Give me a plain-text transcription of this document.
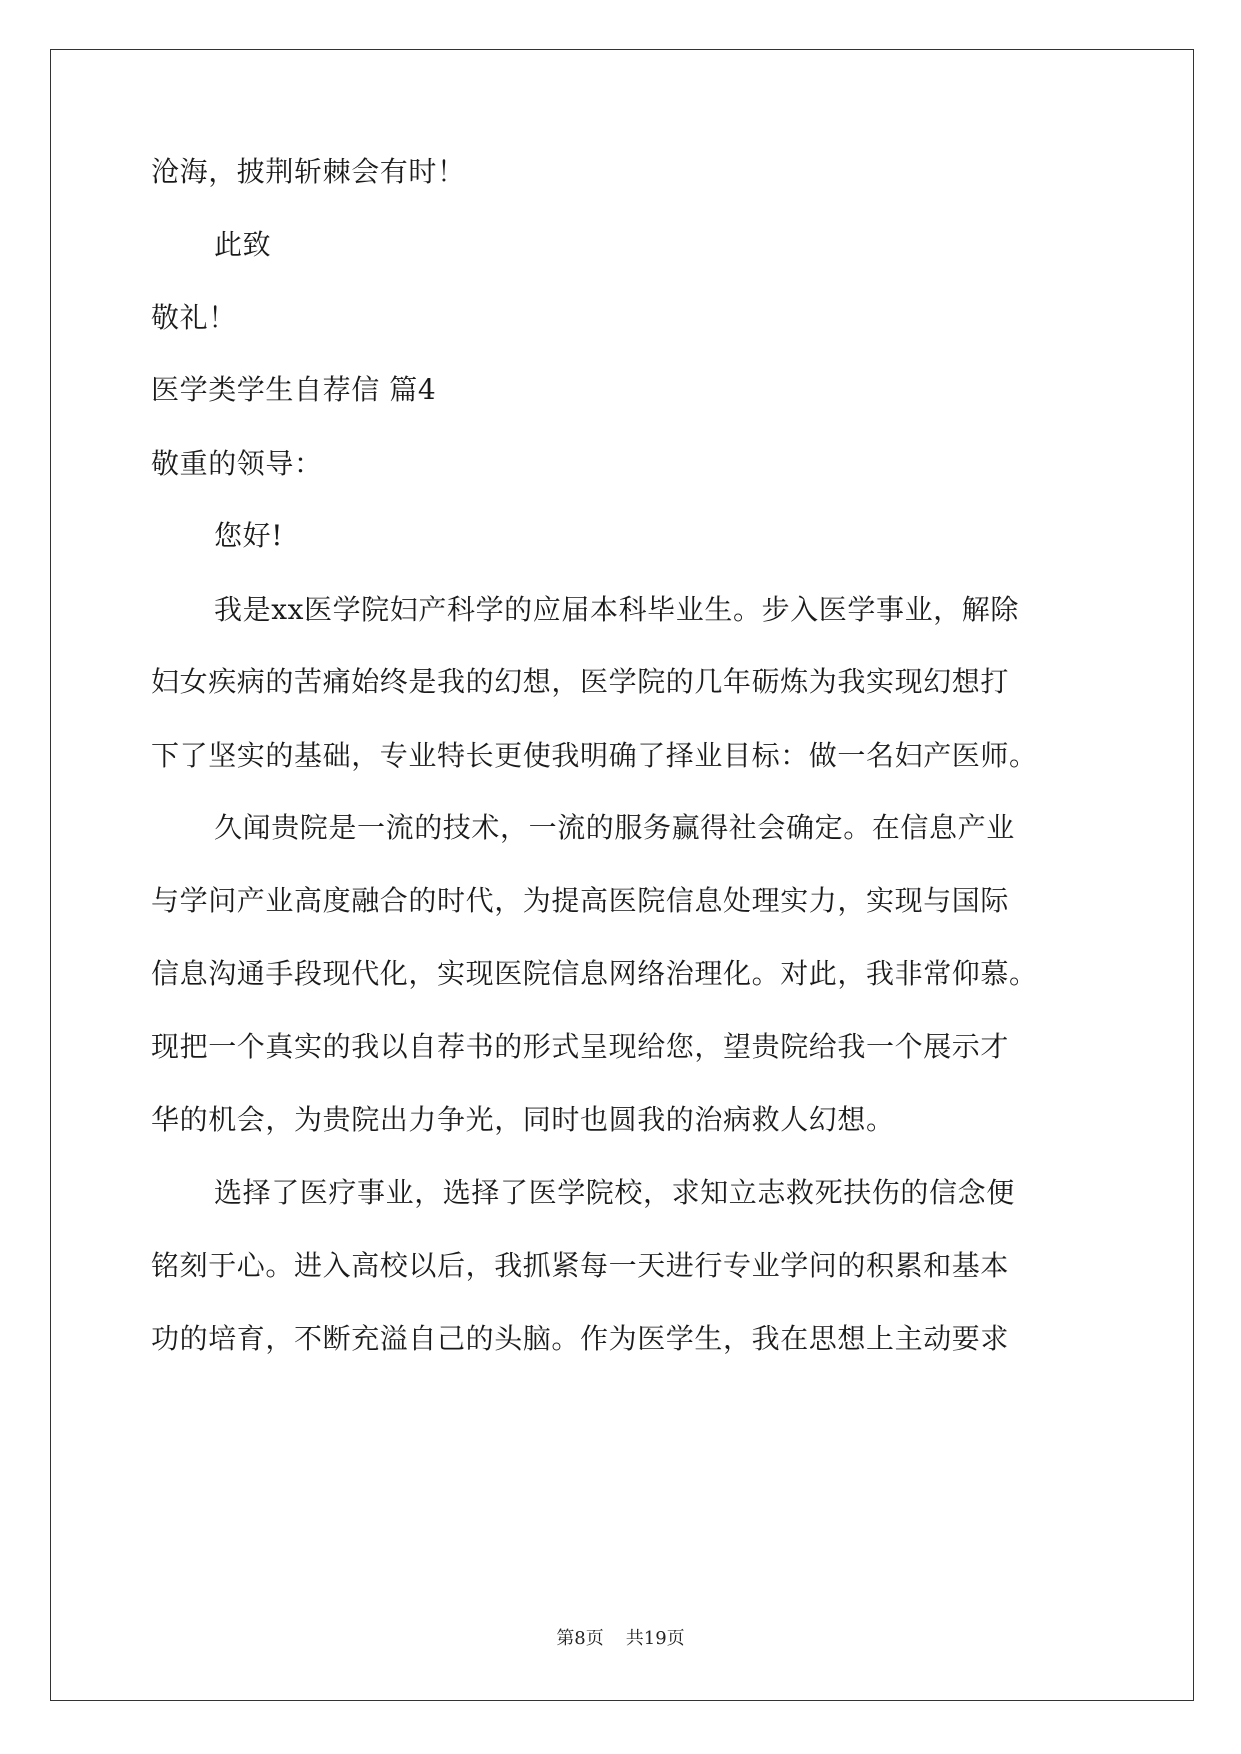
沧海，披荆斩棘会有时！
此致
敬礼！
医学类学生自荐信 篇4
敬重的领导：
您好!
我是xx医学院妇产科学的应届本科毕业生。步入医学事业，解除
妇女疾病的苦痛始终是我的幻想，医学院的几年砺炼为我实现幻想打
下了坚实的基础，专业特长更使我明确了择业目标：做一名妇产医师。
久闻贵院是一流的技术，一流的服务赢得社会确定。在信息产业
与学问产业高度融合的时代，为提高医院信息处理实力，实现与国际
信息沟通手段现代化，实现医院信息网络治理化。对此，我非常仰慕。
现把一个真实的我以自荐书的形式呈现给您，望贵院给我一个展示才
华的机会，为贵院出力争光，同时也圆我的治病救人幻想。
选择了医疗事业，选择了医学院校，求知立志救死扶伤的信念便
铭刻于心。进入高校以后，我抓紧每一天进行专业学问的积累和基本
功的培育，不断充溢自己的头脑。作为医学生，我在思想上主动要求
第8页 共19页
